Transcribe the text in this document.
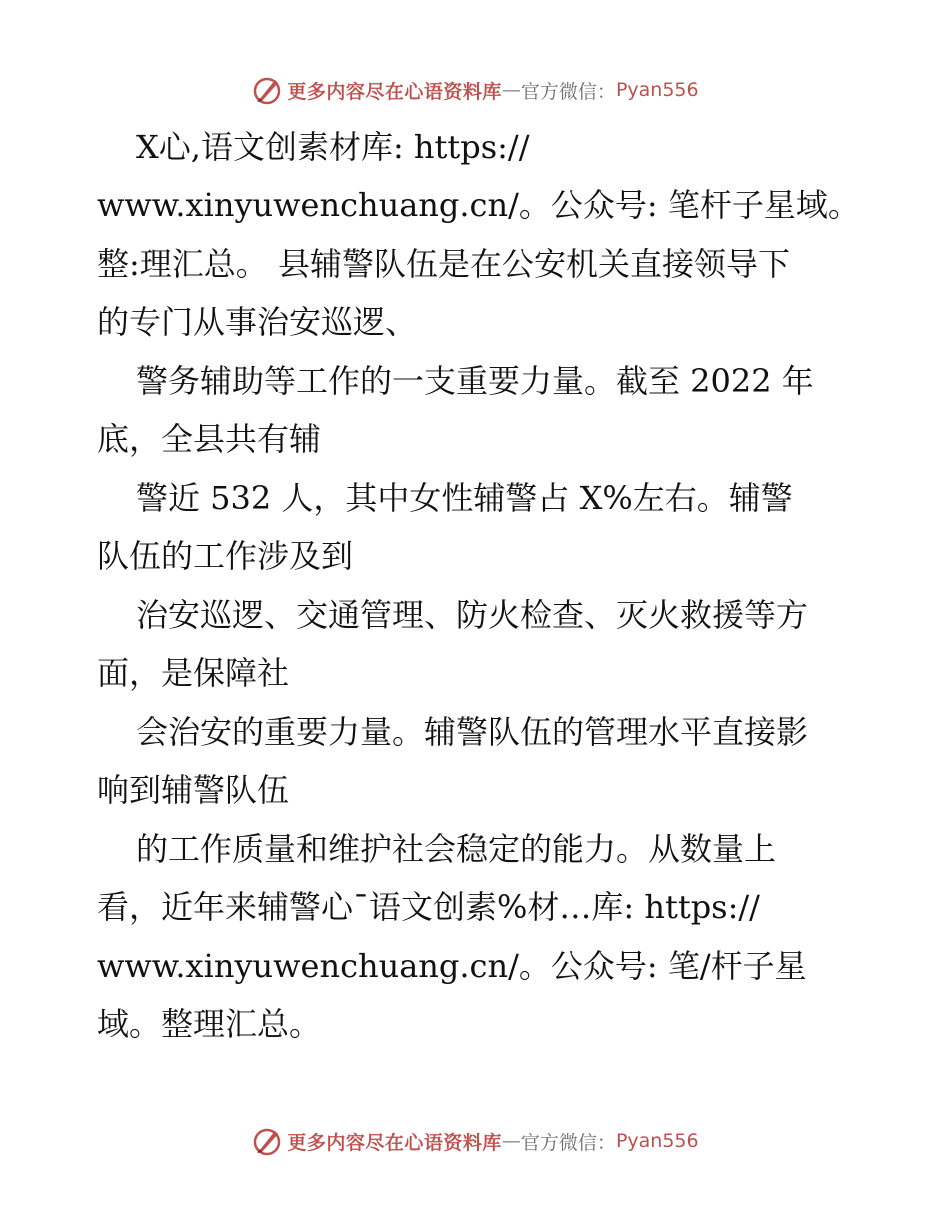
更多内容尽在心语资料库 — 官方微信： Pyan556
X心,语文创素材库: https://
www.xinyuwenchuang.cn/。公众号: 笔杆子星域。
整:理汇总。 县辅警队伍是在公安机关直接领导下
的专门从事治安巡逻、
警务辅助等工作的一支重要力量。截至 2022 年
底，全县共有辅
警近 532 人，其中女性辅警占 X%左右。辅警
队伍的工作涉及到
治安巡逻、交通管理、防火检查、灭火救援等方
面，是保障社
会治安的重要力量。辅警队伍的管理水平直接影
响到辅警队伍
的工作质量和维护社会稳定的能力。从数量上
看，近年来辅警心¯语文创素%材…库: https://
www.xinyuwenchuang.cn/。公众号: 笔/杆子星
域。整理汇总。
更多内容尽在心语资料库 — 官方微信： Pyan556
